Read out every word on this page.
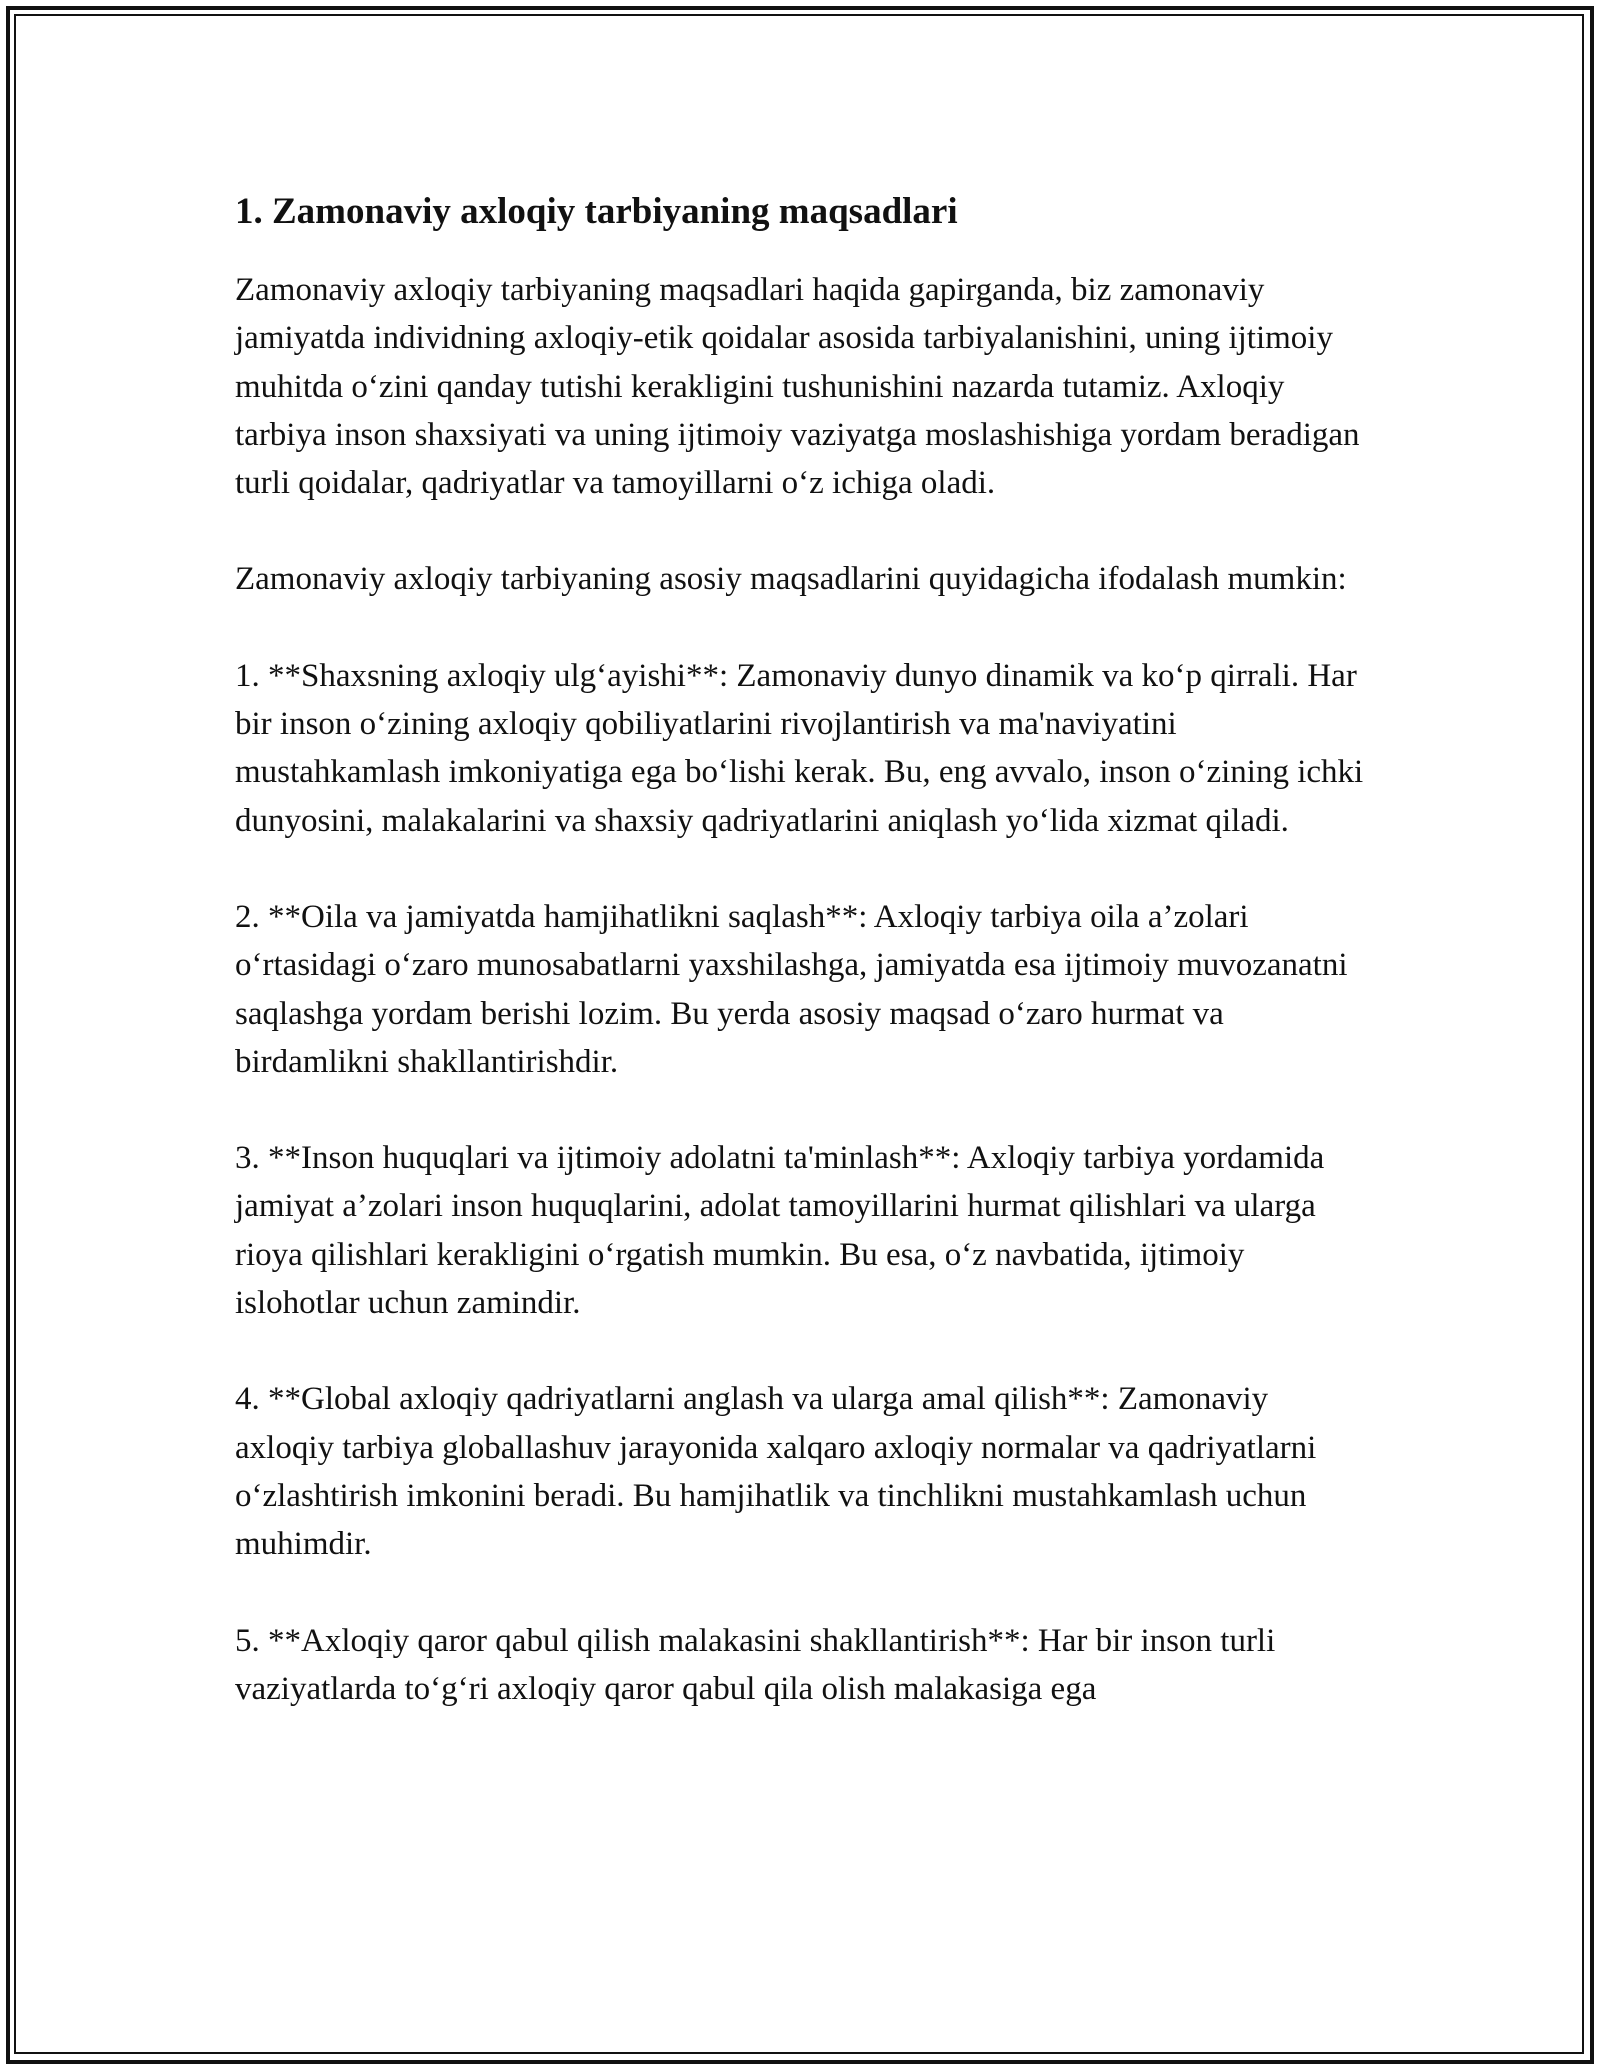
1. Zamonaviy axloqiy tarbiyaning maqsadlari

Zamonaviy axloqiy tarbiyaning maqsadlari haqida gapirganda, biz zamonaviy jamiyatda individning axloqiy-etik qoidalar asosida tarbiyalanishini, uning ijtimoiy muhitda o‘zini qanday tutishi kerakligini tushunishini nazarda tutamiz. Axloqiy tarbiya inson shaxsiyati va uning ijtimoiy vaziyatga moslashishiga yordam beradigan turli qoidalar, qadriyatlar va tamoyillarni o‘z ichiga oladi.

Zamonaviy axloqiy tarbiyaning asosiy maqsadlarini quyidagicha ifodalash mumkin:

1. **Shaxsning axloqiy ulg‘ayishi**: Zamonaviy dunyo dinamik va ko‘p qirrali. Har bir inson o‘zining axloqiy qobiliyatlarini rivojlantirish va ma'naviyatini mustahkamlash imkoniyatiga ega bo‘lishi kerak. Bu, eng avvalo, inson o‘zining ichki dunyosini, malakalarini va shaxsiy qadriyatlarini aniqlash yo‘lida xizmat qiladi.

2. **Oila va jamiyatda hamjihatlikni saqlash**: Axloqiy tarbiya oila a’zolari o‘rtasidagi o‘zaro munosabatlarni yaxshilashga, jamiyatda esa ijtimoiy muvozanatni saqlashga yordam berishi lozim. Bu yerda asosiy maqsad o‘zaro hurmat va birdamlikni shakllantirishdir.

3. **Inson huquqlari va ijtimoiy adolatni ta'minlash**: Axloqiy tarbiya yordamida jamiyat a’zolari inson huquqlarini, adolat tamoyillarini hurmat qilishlari va ularga rioya qilishlari kerakligini o‘rgatish mumkin. Bu esa, o‘z navbatida, ijtimoiy islohotlar uchun zamindir.

4. **Global axloqiy qadriyatlarni anglash va ularga amal qilish**: Zamonaviy axloqiy tarbiya globallashuv jarayonida xalqaro axloqiy normalar va qadriyatlarni o‘zlashtirish imkonini beradi. Bu hamjihatlik va tinchlikni mustahkamlash uchun muhimdir.

5. **Axloqiy qaror qabul qilish malakasini shakllantirish**: Har bir inson turli vaziyatlarda to‘g‘ri axloqiy qaror qabul qila olish malakasiga ega
